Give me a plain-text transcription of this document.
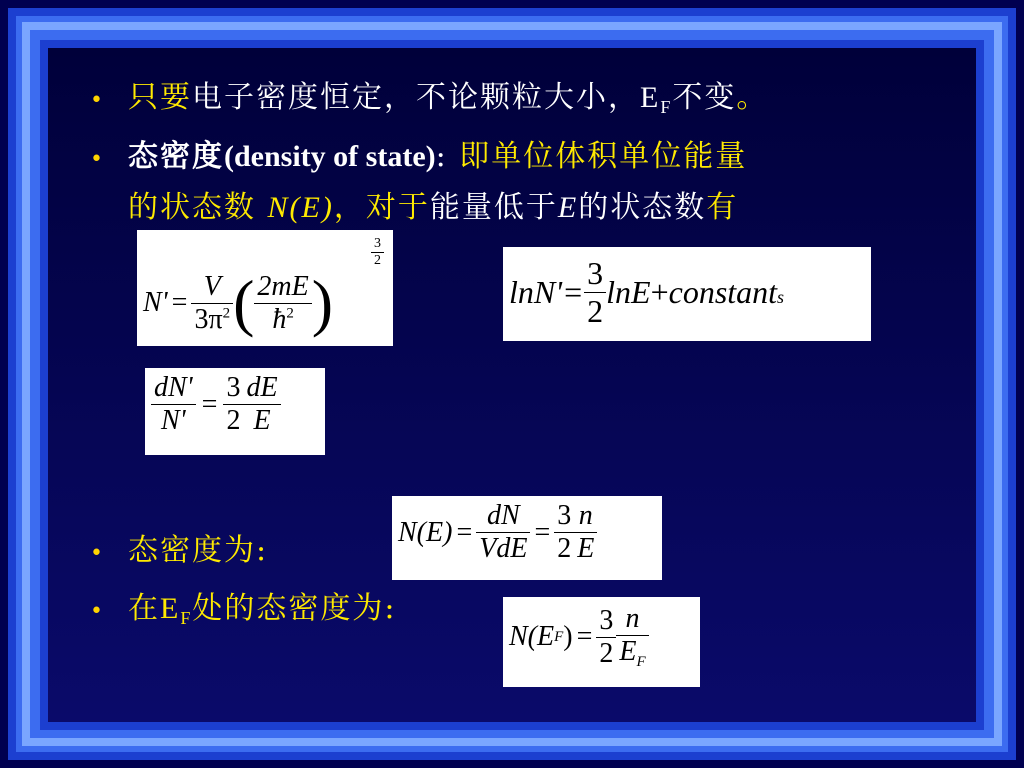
• 只要电子密度恒定，不论颗粒大小，$E_F$不变。
• 态密度(density of state): 即单位体积单位能量
的状态数 N(E)，对于能量低于E的状态数有
$N' = \frac{V}{3\pi^2}$ ( $\frac{2mE}{ħ^2}$ )
$\frac{3}{2}$
$\ln N' = \frac{3}{2}$ lnE + constant s
$\frac{dN'}{N'} = \frac{3}{2} \frac{dE}{E}$
• 态密度为:
$N(E) = \frac{dN}{\text{VdE}} = \frac{3}{2} \frac{n}{E}$
• 在$E_F$处的态密度为:
N(E F ) = $\frac{3}{2} \frac{n}{E_F}$
